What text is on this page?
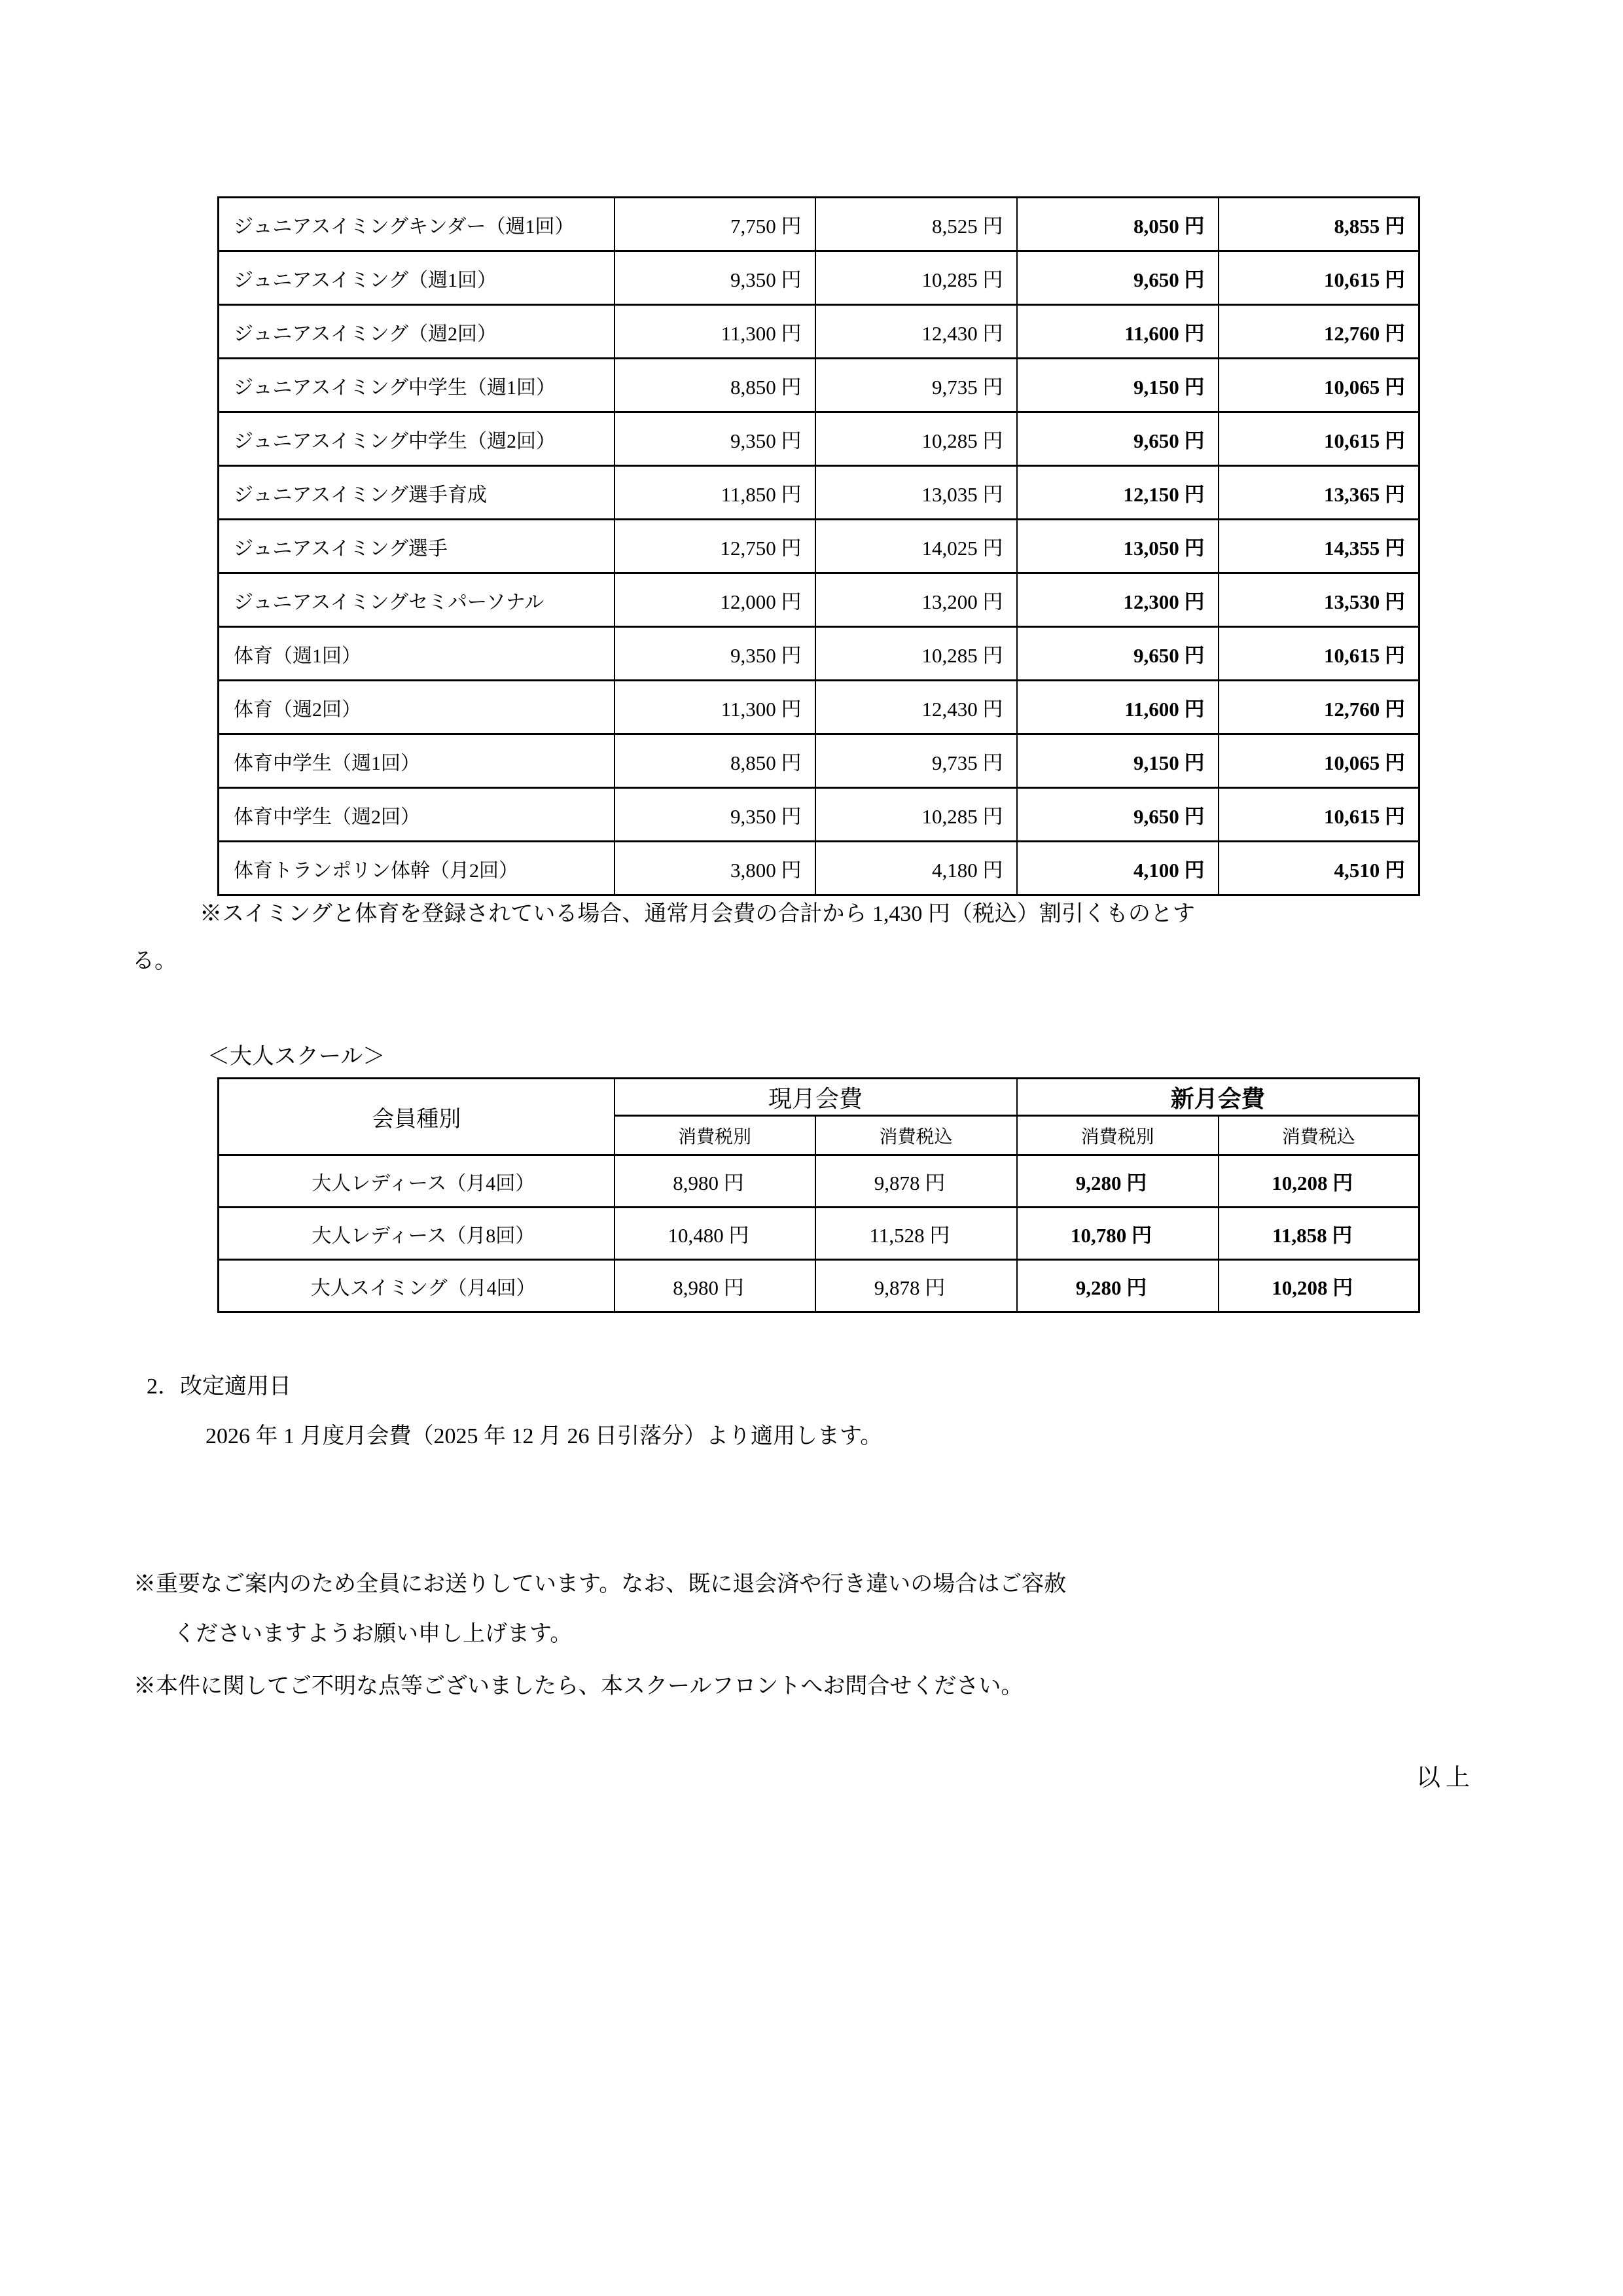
ジュニアスイミングキンダー（週1回）	7,750 円	8,525 円	8,050 円	8,855 円
ジュニアスイミング（週1回）	9,350 円	10,285 円	9,650 円	10,615 円
ジュニアスイミング（週2回）	11,300 円	12,430 円	11,600 円	12,760 円
ジュニアスイミング中学生（週1回）	8,850 円	9,735 円	9,150 円	10,065 円
ジュニアスイミング中学生（週2回）	9,350 円	10,285 円	9,650 円	10,615 円
ジュニアスイミング選手育成	11,850 円	13,035 円	12,150 円	13,365 円
ジュニアスイミング選手	12,750 円	14,025 円	13,050 円	14,355 円
ジュニアスイミングセミパーソナル	12,000 円	13,200 円	12,300 円	13,530 円
体育（週1回）	9,350 円	10,285 円	9,650 円	10,615 円
体育（週2回）	11,300 円	12,430 円	11,600 円	12,760 円
体育中学生（週1回）	8,850 円	9,735 円	9,150 円	10,065 円
体育中学生（週2回）	9,350 円	10,285 円	9,650 円	10,615 円
体育トランポリン体幹（月2回）	3,800 円	4,180 円	4,100 円	4,510 円
※スイミングと体育を登録されている場合、通常月会費の合計から 1,430 円（税込）割引くものとす
る。
＜大人スクール＞
会員種別	現月会費		新月会費	
	消費税別	消費税込	消費税別	消費税込
大人レディース（月4回）	8,980 円	9,878 円	9,280 円	10,208 円
大人レディース（月8回）	10,480 円	11,528 円	10,780 円	11,858 円
大人スイミング（月4回）	8,980 円	9,878 円	9,280 円	10,208 円
2．改定適用日
2026 年 1 月度月会費（2025 年 12 月 26 日引落分）より適用します。
※重要なご案内のため全員にお送りしています。なお、既に退会済や行き違いの場合はご容赦
くださいますようお願い申し上げます。
※本件に関してご不明な点等ございましたら、本スクールフロントへお問合せください。
以上
